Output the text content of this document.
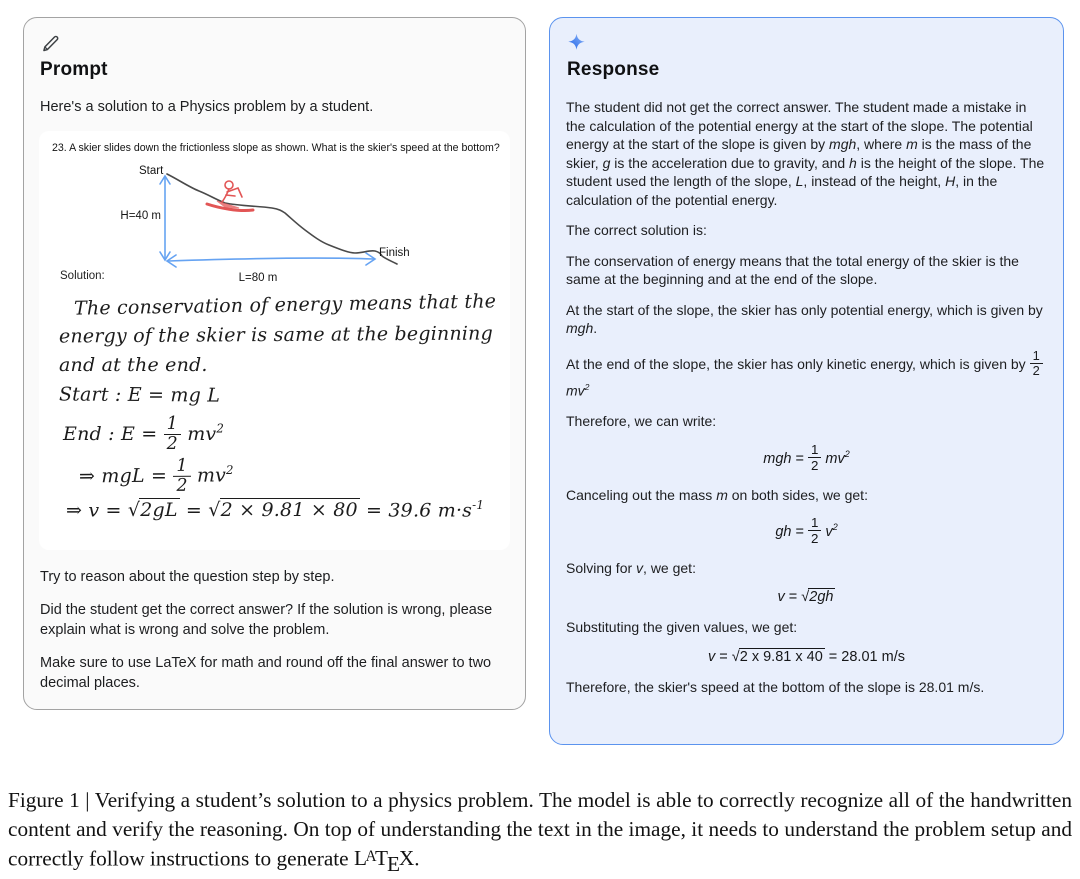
Prompt

Here's a solution to a Physics problem by a student.

23. A skier slides down the frictionless slope as shown. What is the skier's speed at the bottom?
Start
Finish
H=40 m
L=80 m
Solution:
The conservation of energy means that the
energy of the skier is same at the beginning
and at the end.
Start : E = mg L
End : $E = \frac{1}{2} mv^2$
⇒ mgL = $\frac{1}{2} mv^2$
⇒ v = √2gL = √2 × 9.81 × 80 = 39.6 $m\cdot s^{-1}$

Try to reason about the question step by step.

Did the student get the correct answer? If the solution is wrong, please explain what is wrong and solve the problem.

Make sure to use LaTeX for math and round off the final answer to two decimal places.

Response
The student did not get the correct answer. The student made a mistake in the calculation of the potential energy at the start of the slope. The potential energy at the start of the slope is given by mgh, where m is the mass of the skier, g is the acceleration due to gravity, and h is the height of the slope. The student used the length of the slope, L, instead of the height, H, in the calculation of the potential energy.
The correct solution is:
The conservation of energy means that the total energy of the skier is the same at the beginning and at the end of the slope.
At the start of the slope, the skier has only potential energy, which is given by mgh.
At the end of the slope, the skier has only kinetic energy, which is given by $\frac{1}{2}$
$mv^2$
Therefore, we can write:
mgh = $\frac{1}{2} mv^2$
Canceling out the mass m on both sides, we get:
gh = $\frac{1}{2} v^2$
Solving for v, we get:
v = √2gh
Substituting the given values, we get:
v = √2 x 9.81 x 40 = 28.01 m/s
Therefore, the skier's speed at the bottom of the slope is 28.01 m/s.
Figure 1 | Verifying a student’s solution to a physics problem. The model is able to correctly recognize all of the handwritten content and verify the reasoning. On top of understanding the text in the image, it needs to understand the problem setup and correctly follow instructions to generate $L^ATEX$.
